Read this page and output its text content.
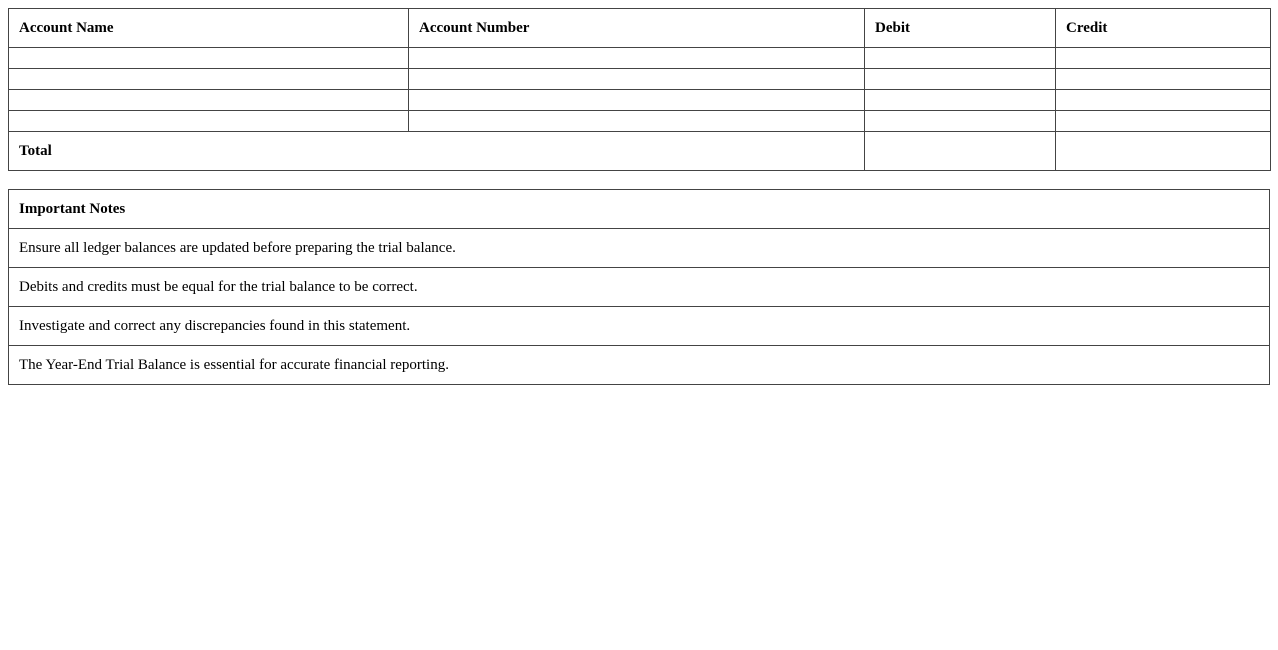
Account Name	Account Number	Debit	Credit

Total			
Important Notes
Ensure all ledger balances are updated before preparing the trial balance.
Debits and credits must be equal for the trial balance to be correct.
Investigate and correct any discrepancies found in this statement.
The Year-End Trial Balance is essential for accurate financial reporting.
